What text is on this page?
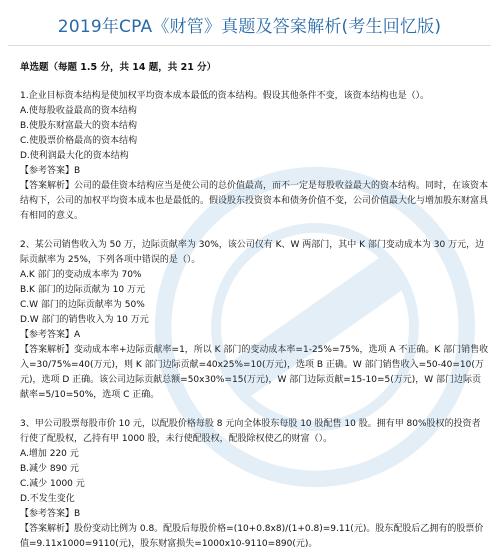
2019年CPA《财管》真题及答案解析(考生回忆版)
单选题（每题 1.5 分，共 14 题，共 21 分）
1.企业目标资本结构是使加权平均资本成本最低的资本结构。假设其他条件不变，该资本结构也是（）。
A.使每股收益最高的资本结构
B.使股东财富最大的资本结构
C.使股票价格最高的资本结构
D.使利润最大化的资本结构
【参考答案】B
【答案解析】公司的最佳资本结构应当是使公司的总价值最高，而不一定是每股收益最大的资本结构。同时，在该资本结构下，公司的加权平均资本成本也是最低的。假设股东投资资本和债务价值不变，公司价值最大化与增加股东财富具有相同的意义。
2、某公司销售收入为 50 万，边际贡献率为 30%，该公司仅有 K、W 两部门，其中 K 部门变动成本为 30 万元，边际贡献率为 25%，下列各项中错误的是（）。
A.K 部门的变动成本率为 70%
B.K 部门的边际贡献为 10 万元
C.W 部门的边际贡献率为 50%
D.W 部门的销售收入为 10 万元
【参考答案】A
【答案解析】变动成本率+边际贡献率=1，所以 K 部门的变动成本率=1-25%=75%，选项 A 不正确。K 部门销售收入=30/75%=40(万元)，则 K 部门边际贡献=40x25%=10(万元)，选项 B 正确。W 部门销售收入=50-40=10(万元)，选项 D 正确。该公司边际贡献总额=50x30%=15(万元)，W 部门边际贡献=15-10=5(万元)，W 部门边际贡献率=5/10=50%，选项 C 正确。
3、甲公司股票每股市价 10 元，以配股价格每股 8 元向全体股东每股 10 股配售 10 股。拥有甲 80%股权的投资者行使了配股权，乙持有甲 1000 股，未行使配股权，配股除权使乙的财富（）。
A.增加 220 元
B.减少 890 元
C.减少 1000 元
D.不发生变化
【参考答案】B
【答案解析】股份变动比例为 0.8。配股后每股价格=(10+0.8x8)/(1+0.8)=9.11(元)。股东配股后乙拥有的股票价值=9.11x1000=9110(元)，股东财富损失=1000x10-9110=890(元)。
